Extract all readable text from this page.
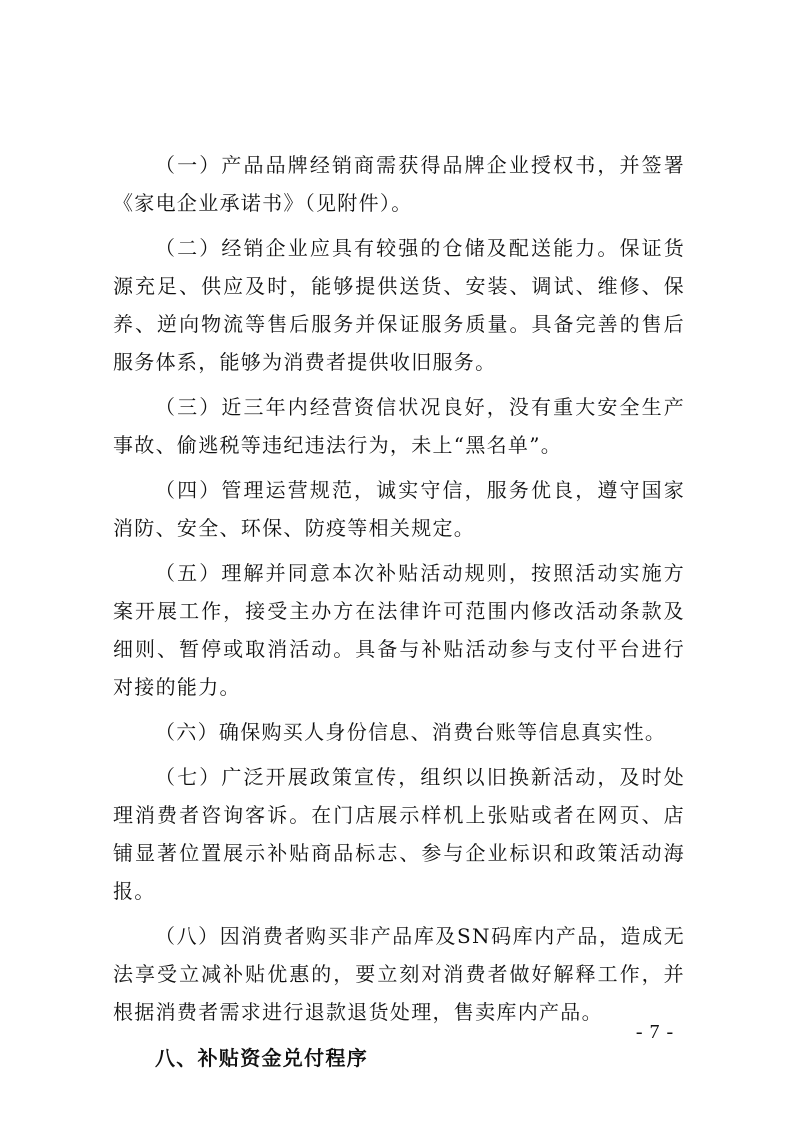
（一）产品品牌经销商需获得品牌企业授权书，并签署《家电企业承诺书》（见附件）。

（二）经销企业应具有较强的仓储及配送能力。保证货源充足、供应及时，能够提供送货、安装、调试、维修、保养、逆向物流等售后服务并保证服务质量。具备完善的售后服务体系，能够为消费者提供收旧服务。

（三）近三年内经营资信状况良好，没有重大安全生产事故、偷逃税等违纪违法行为，未上“黑名单”。

（四）管理运营规范，诚实守信，服务优良，遵守国家消防、安全、环保、防疫等相关规定。

（五）理解并同意本次补贴活动规则，按照活动实施方案开展工作，接受主办方在法律许可范围内修改活动条款及细则、暂停或取消活动。具备与补贴活动参与支付平台进行对接的能力。

（六）确保购买人身份信息、消费台账等信息真实性。

（七）广泛开展政策宣传，组织以旧换新活动，及时处理消费者咨询客诉。在门店展示样机上张贴或者在网页、店铺显著位置展示补贴商品标志、参与企业标识和政策活动海报。

（八）因消费者购买非产品库及SN码库内产品，造成无法享受立减补贴优惠的，要立刻对消费者做好解释工作，并根据消费者需求进行退款退货处理，售卖库内产品。

八、补贴资金兑付程序
- 7 -
